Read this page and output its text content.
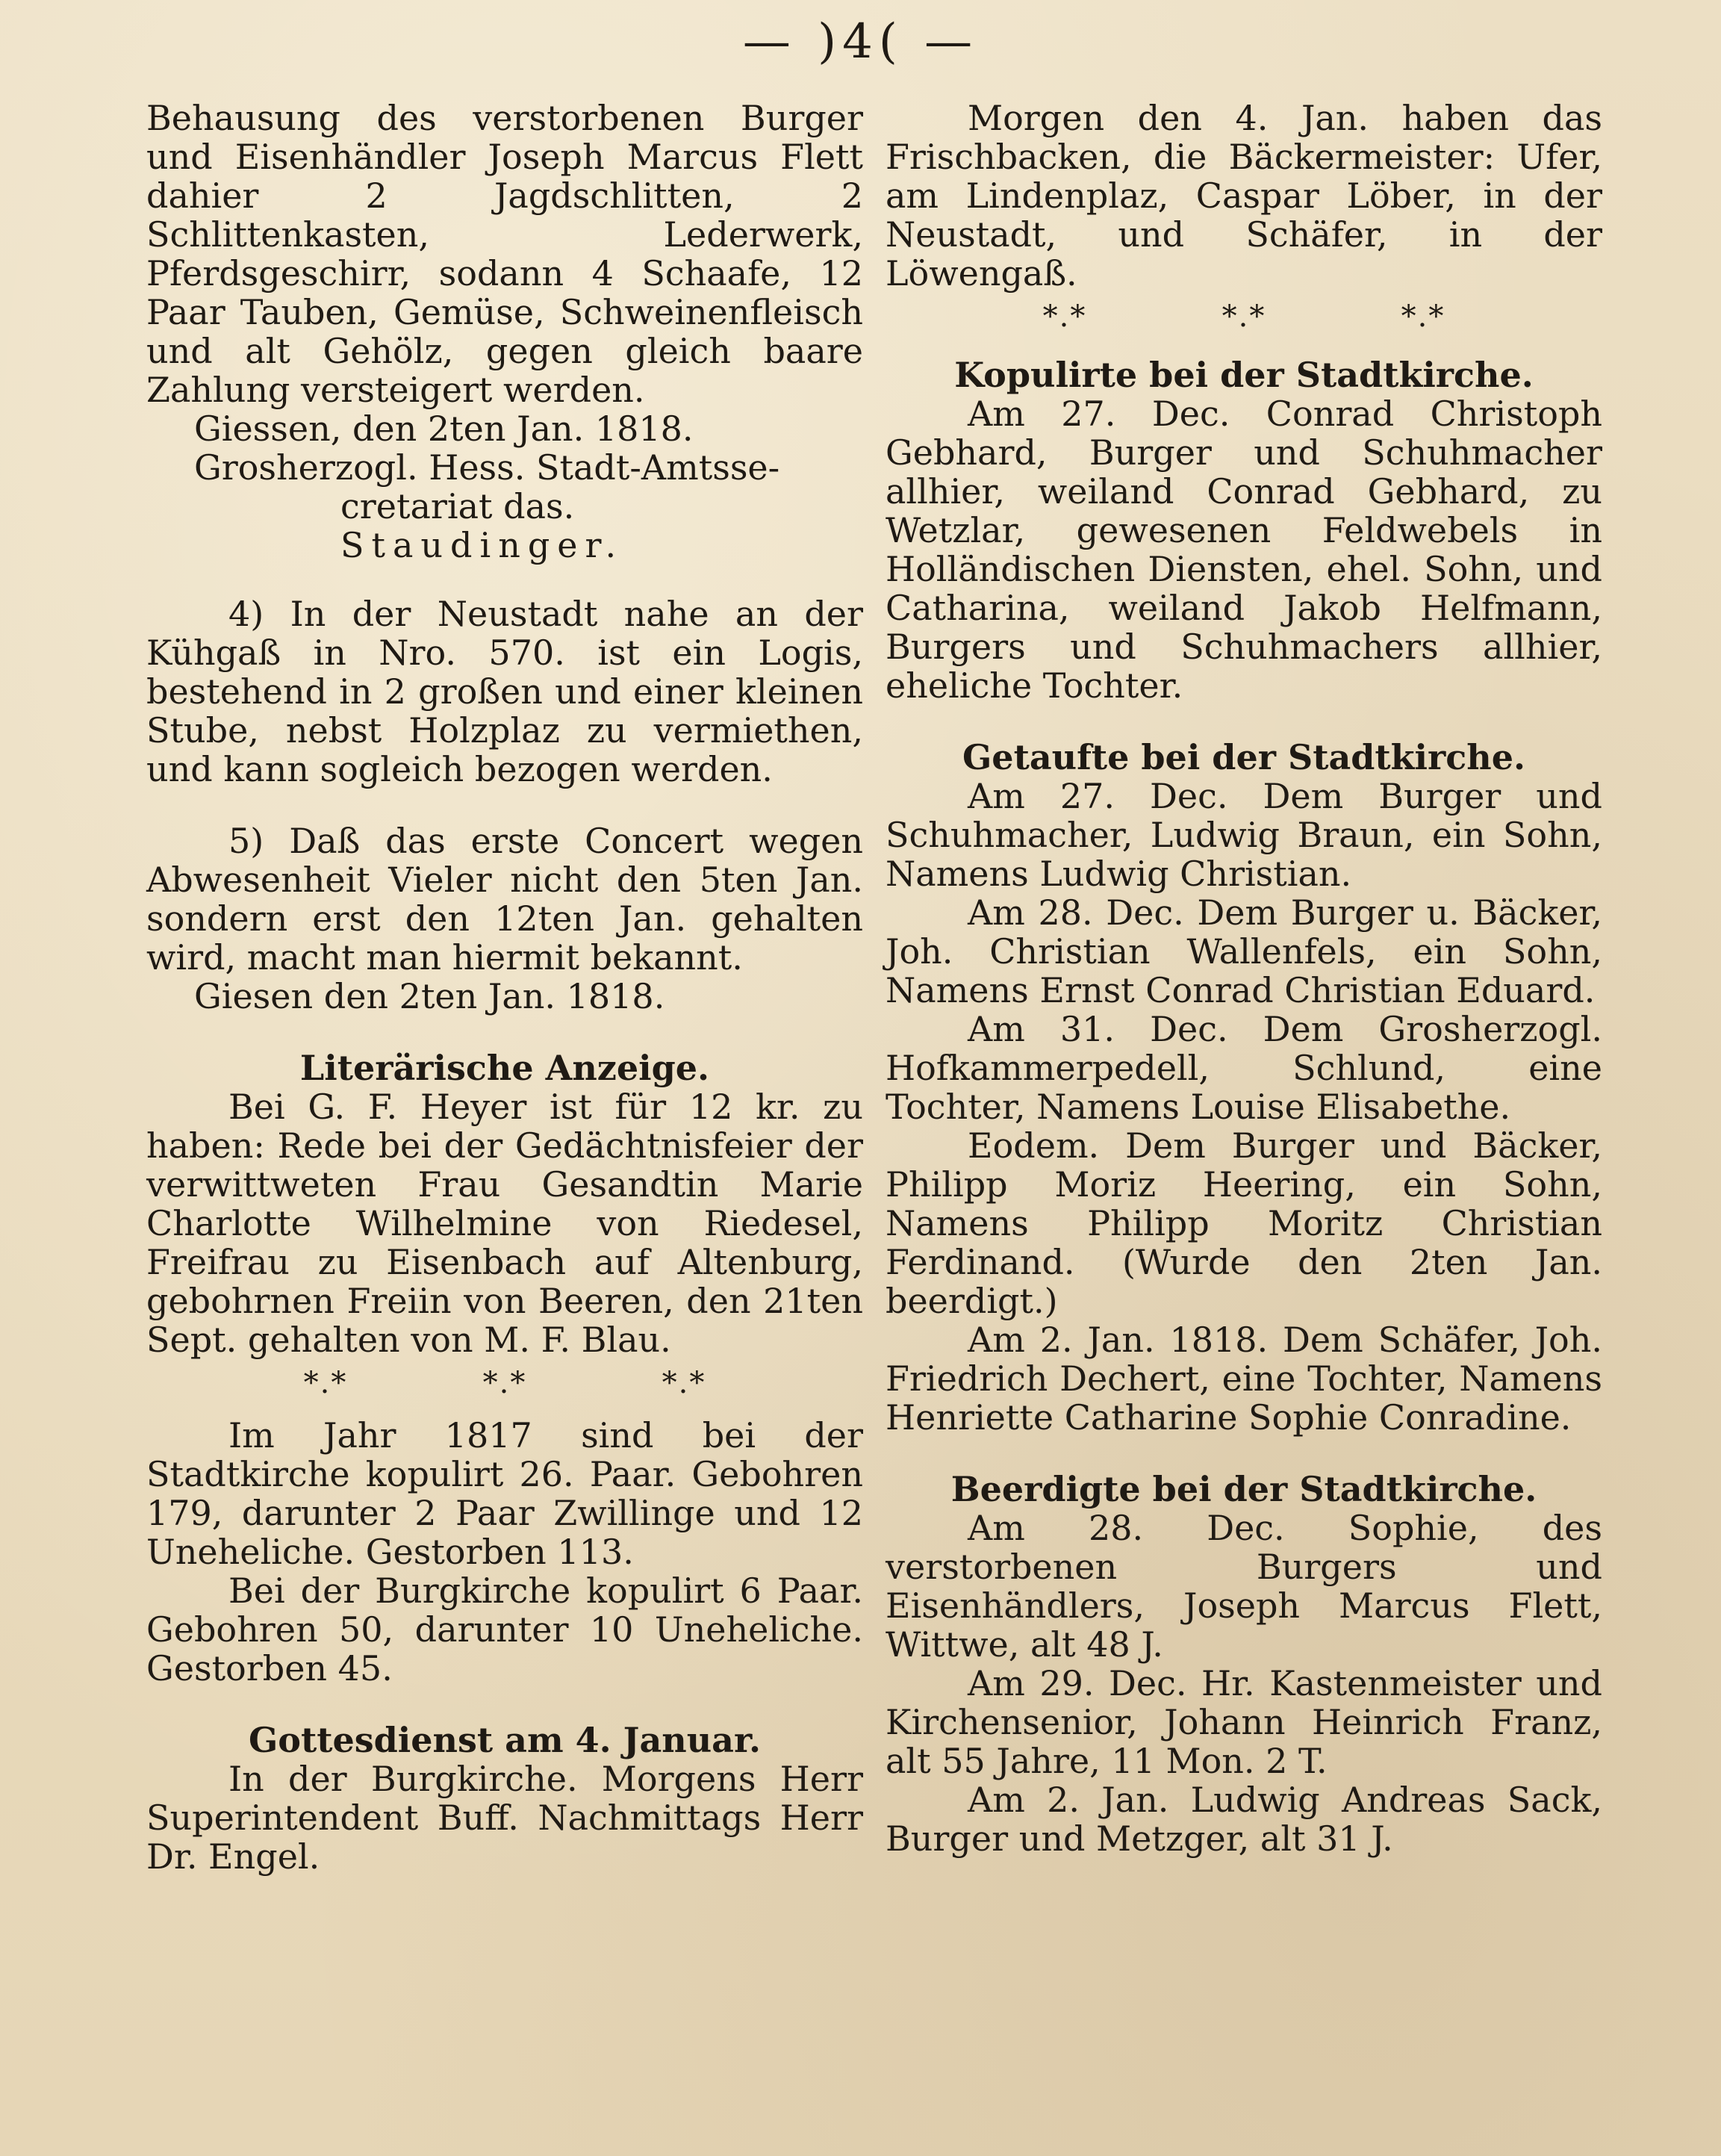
— )4( —

Behausung des verstorbenen Burger und Eisenhändler Joseph Marcus Flett dahier 2 Jagdschlitten, 2 Schlittenkasten, Lederwerk, Pferdsgeschirr, sodann 4 Schaafe, 12 Paar Tauben, Gemüse, Schweinenfleisch und alt Gehölz, gegen gleich baare Zahlung versteigert werden.

Giessen, den 2ten Jan. 1818.
Grosherzogl. Hess. Stadt-Amtsse-
cretariat das.
Staudinger.

4) In der Neustadt nahe an der Kühgaß in Nro. 570. ist ein Logis, bestehend in 2 großen und einer kleinen Stube, nebst Holzplaz zu vermiethen, und kann sogleich bezogen werden.

5) Daß das erste Concert wegen Abwesenheit Vieler nicht den 5ten Jan. sondern erst den 12ten Jan. gehalten wird, macht man hiermit bekannt.

Giesen den 2ten Jan. 1818.
Literärische Anzeige.

Bei G. F. Heyer ist für 12 kr. zu haben: Rede bei der Gedächtnisfeier der verwittweten Frau Gesandtin Marie Charlotte Wilhelmine von Riedesel, Freifrau zu Eisenbach auf Altenburg, gebohrnen Freiin von Beeren, den 21ten Sept. gehalten von M. F. Blau.

*.*	*.*	*.*

Im Jahr 1817 sind bei der Stadtkirche kopulirt 26. Paar. Gebohren 179, darunter 2 Paar Zwillinge und 12 Uneheliche. Gestorben 113.

Bei der Burgkirche kopulirt 6 Paar. Gebohren 50, darunter 10 Uneheliche. Gestorben 45.

Gottesdienst am 4. Januar.

In der Burgkirche. Morgens Herr Superintendent Buff. Nachmittags Herr Dr. Engel.

Morgen den 4. Jan. haben das Frischbacken, die Bäckermeister: Ufer, am Lindenplaz, Caspar Löber, in der Neustadt, und Schäfer, in der Löwengaß.

*.*	*.*	*.*
Kopulirte bei der Stadtkirche.

Am 27. Dec. Conrad Christoph Gebhard, Burger und Schuhmacher allhier, weiland Conrad Gebhard, zu Wetzlar, gewesenen Feldwebels in Holländischen Diensten, ehel. Sohn, und Catharina, weiland Jakob Helfmann, Burgers und Schuhmachers allhier, eheliche Tochter.

Getaufte bei der Stadtkirche.

Am 27. Dec. Dem Burger und Schuhmacher, Ludwig Braun, ein Sohn, Namens Ludwig Christian.

Am 28. Dec. Dem Burger u. Bäcker, Joh. Christian Wallenfels, ein Sohn, Namens Ernst Conrad Christian Eduard.

Am 31. Dec. Dem Grosherzogl. Hofkammerpedell, Schlund, eine Tochter, Namens Louise Elisabethe.

Eodem. Dem Burger und Bäcker, Philipp Moriz Heering, ein Sohn, Namens Philipp Moritz Christian Ferdinand. (Wurde den 2ten Jan. beerdigt.)

Am 2. Jan. 1818. Dem Schäfer, Joh. Friedrich Dechert, eine Tochter, Namens Henriette Catharine Sophie Conradine.

Beerdigte bei der Stadtkirche.

Am 28. Dec. Sophie, des verstorbenen Burgers und Eisenhändlers, Joseph Marcus Flett, Wittwe, alt 48 J.

Am 29. Dec. Hr. Kastenmeister und Kirchensenior, Johann Heinrich Franz, alt 55 Jahre, 11 Mon. 2 T.

Am 2. Jan. Ludwig Andreas Sack, Burger und Metzger, alt 31 J.
